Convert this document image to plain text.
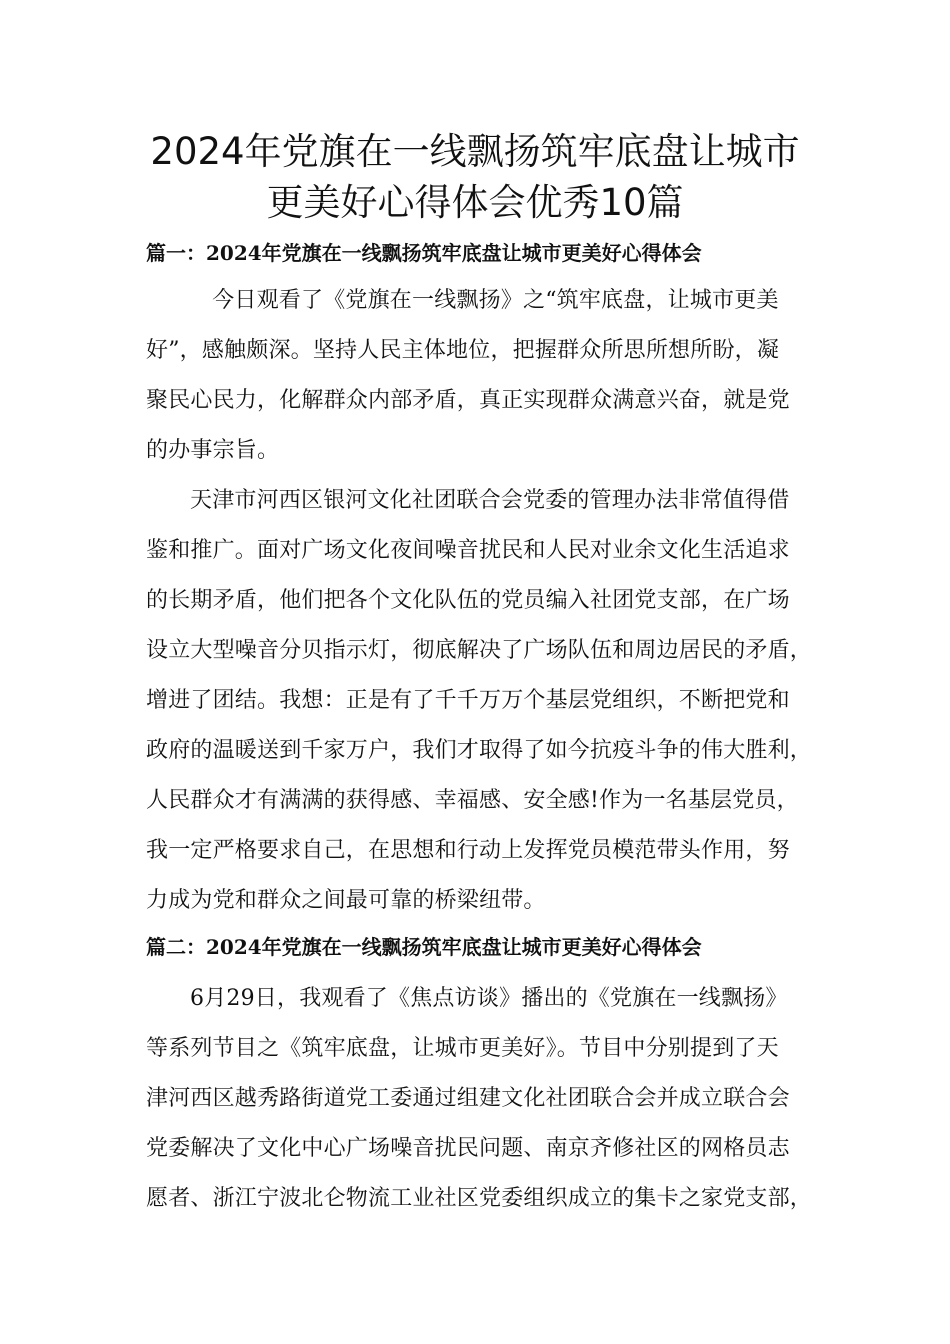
2024年党旗在一线飘扬筑牢底盘让城市
更美好心得体会优秀10篇
篇一：2024年党旗在一线飘扬筑牢底盘让城市更美好心得体会
　今日观看了《党旗在一线飘扬》之“筑牢底盘，让城市更美
好”，感触颇深。坚持人民主体地位，把握群众所思所想所盼，凝
聚民心民力，化解群众内部矛盾，真正实现群众满意兴奋，就是党
的办事宗旨。
天津市河西区银河文化社团联合会党委的管理办法非常值得借
鉴和推广。面对广场文化夜间噪音扰民和人民对业余文化生活追求
的长期矛盾，他们把各个文化队伍的党员编入社团党支部，在广场
设立大型噪音分贝指示灯，彻底解决了广场队伍和周边居民的矛盾，
增进了团结。我想：正是有了千千万万个基层党组织，不断把党和
政府的温暖送到千家万户，我们才取得了如今抗疫斗争的伟大胜利，
人民群众才有满满的获得感、幸福感、安全感!作为一名基层党员，
我一定严格要求自己，在思想和行动上发挥党员模范带头作用，努
力成为党和群众之间最可靠的桥梁纽带。
篇二：2024年党旗在一线飘扬筑牢底盘让城市更美好心得体会
6月29日，我观看了《焦点访谈》播出的《党旗在一线飘扬》
等系列节目之《筑牢底盘，让城市更美好》。节目中分别提到了天
津河西区越秀路街道党工委通过组建文化社团联合会并成立联合会
党委解决了文化中心广场噪音扰民问题、南京齐修社区的网格员志
愿者、浙江宁波北仑物流工业社区党委组织成立的集卡之家党支部，
